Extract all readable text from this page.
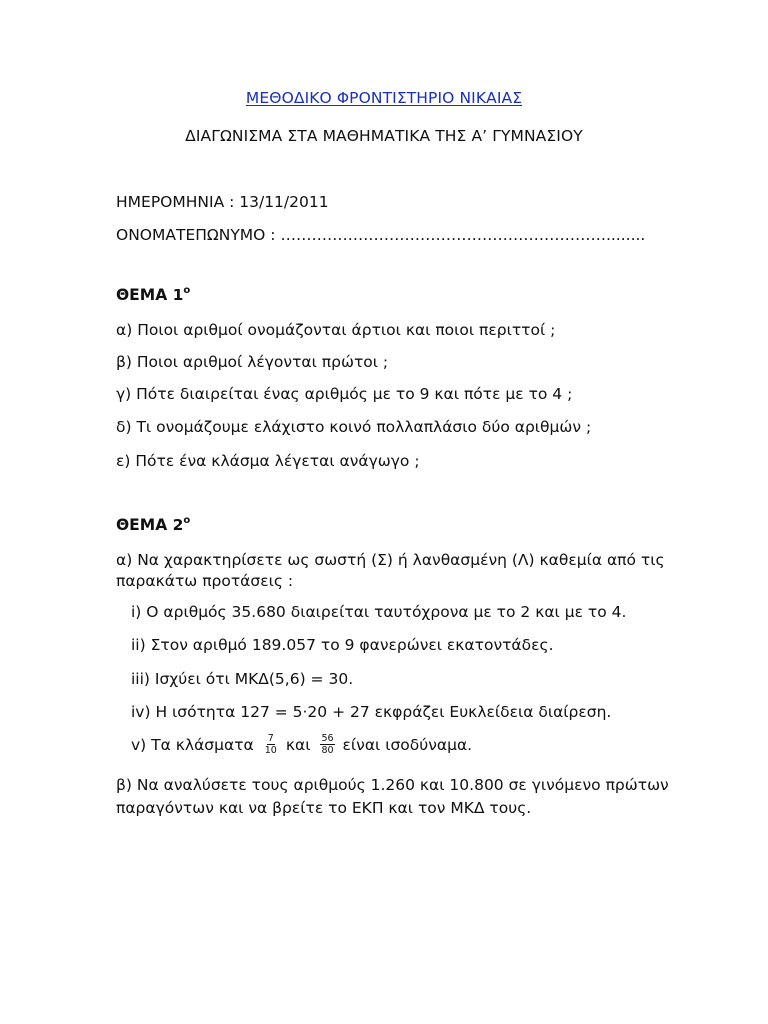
ΜΕΘΟΔΙΚΟ ΦΡΟΝΤΙΣΤΗΡΙΟ ΝΙΚΑΙΑΣ
ΔΙΑΓΩΝΙΣΜΑ ΣΤΑ ΜΑΘΗΜΑΤΙΚΑ ΤΗΣ Α’ ΓΥΜΝΑΣΙΟΥ
ΗΜΕΡΟΜΗΝΙΑ : 13/11/2011
ΟΝΟΜΑΤΕΠΩΝΥΜΟ : ………………………………………………………........
ΘΕΜΑ $1^o$
α) Ποιοι αριθμοί ονομάζονται άρτιοι και ποιοι περιττοί ;
β) Ποιοι αριθμοί λέγονται πρώτοι ;
γ) Πότε διαιρείται ένας αριθμός με το 9 και πότε με το 4 ;
δ) Τι ονομάζουμε ελάχιστο κοινό πολλαπλάσιο δύο αριθμών ;
ε) Πότε ένα κλάσμα λέγεται ανάγωγο ;
ΘΕΜΑ $2^o$
α) Να χαρακτηρίσετε ως σωστή (Σ) ή λανθασμένη (Λ) καθεμία από τις
παρακάτω προτάσεις :
i) Ο αριθμός 35.680 διαιρείται ταυτόχρονα με το 2 και με το 4.
ii) Στον αριθμό 189.057 το 9 φανερώνει εκατοντάδες.
iii) Ισχύει ότι ΜΚΔ(5,6) = 30.
iv) Η ισότητα 127 = 5·20 + 27 εκφράζει Ευκλείδεια διαίρεση.
v) Τα κλάσματα $\frac{7}{10}$ και $\frac{56}{80}$ είναι ισοδύναμα.
β) Να αναλύσετε τους αριθμούς 1.260 και 10.800 σε γινόμενο πρώτων
παραγόντων και να βρείτε το ΕΚΠ και τον ΜΚΔ τους.
